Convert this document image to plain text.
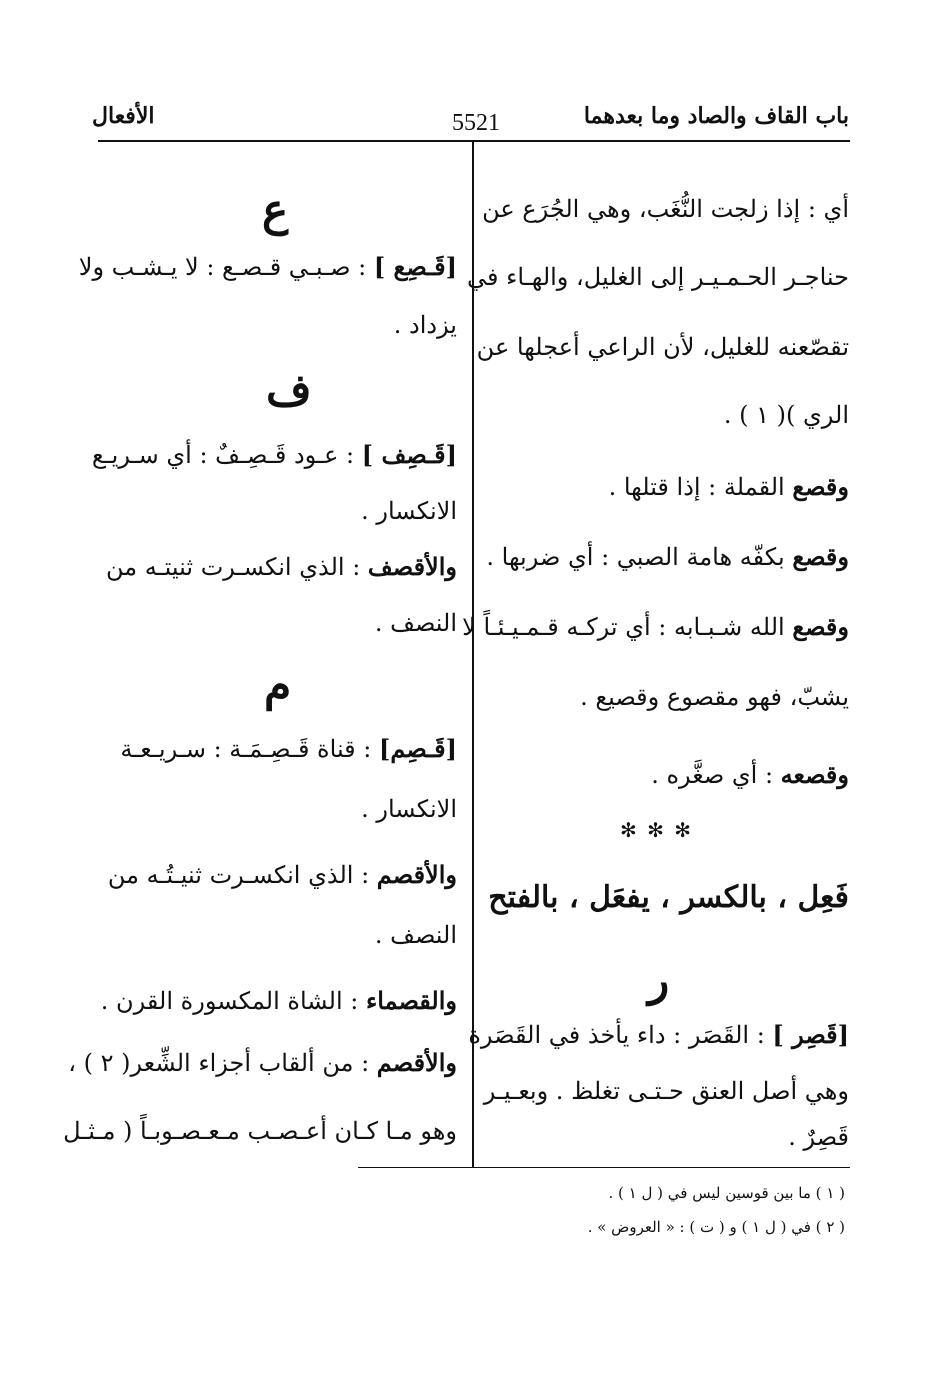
باب القاف والصاد وما بعدهما
5521
الأفعال
أي : إذا زلجت النُّغَب، وهي الجُرَع عن
حناجـر الحـمـيـر إلى الغليل، والهـاء في
تقصّعنه للغليل، لأن الراعي أعجلها عن
الري )( ١ ) .
وقصع القملة : إذا قتلها .
وقصع بكفّه هامة الصبي : أي ضربها .
وقصع الله شـبـابه : أي تركـه قـمـيـئـاً لا
يشبّ، فهو مقصوع وقصيع .
وقصعه : أي صغَّره .
✻ ✻ ✻
فَعِل ، بالكسر ، يفعَل ، بالفتح
ر
[قَصِر ] : القَصَر : داء يأخذ في القَصَرة
وهي أصل العنق حـتـى تغلظ . وبعـيـر
قَصِرٌ .
ع
[قَـصِع ] : صـبـي قـصـع : لا يـشـب ولا
يزداد .
ف
[قَـصِف ] : عـود قَـصِـفٌ : أي سـريـع
الانكسار .
والأقصف : الذي انكسـرت ثنيتـه من
النصف .
م
[قَـصِم] : قناة قَـصِـمَـة : سـريـعـة
الانكسار .
والأقصم : الذي انكسـرت ثنيـتُـه من
النصف .
والقصماء : الشاة المكسورة القرن .
والأقصم : من ألقاب أجزاء الشِّعر( ٢ ) ،
وهو مـا كـان أعـصـب مـعـصـوبـاً ( مـثـل
( ١ ) ما بين قوسين ليس في ( ل ١ ) .
( ٢ ) في ( ل ١ ) و ( ت ) : « العروض » .
